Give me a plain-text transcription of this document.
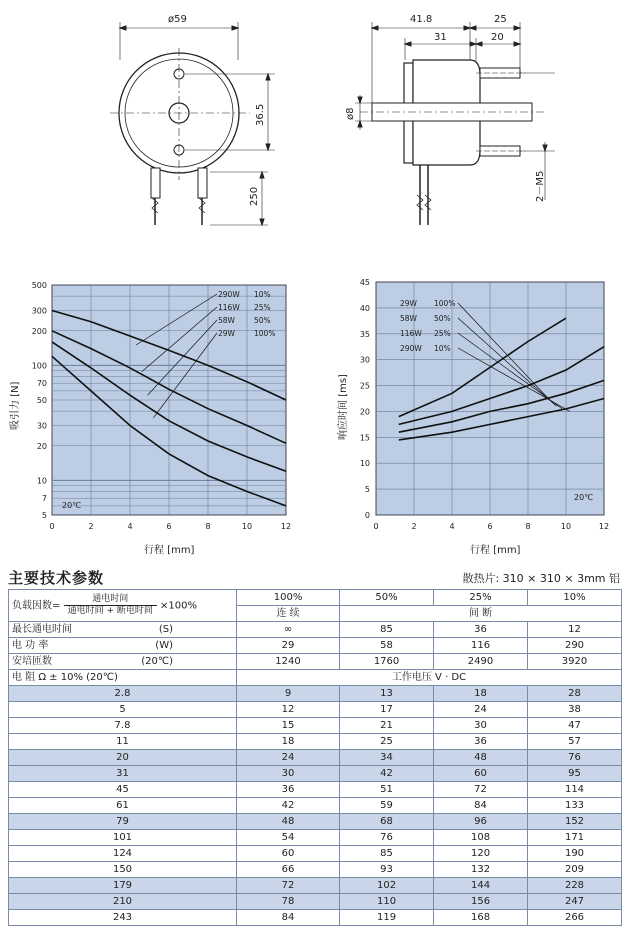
ø59
36.5
250
41.8	25
31	20
ø8
2－M5
500
300
200
100
70
50
30
20
10
7
5
0	2	4	6	8	10	12
290W 10%
116W 25%
58W	50%
29W	100%
20℃
行程 [mm]
吸引力 [N]
45
40
35
30
25
20
15
10
5
0
0	2	4	6	8	10	12
29W 100%
58W 50%
116W 25%
290W 10%
20℃
行程 [mm]
响应时间 [ms]
主要技术参数	散热片: 310 × 310 × 3mm 铝
负载因数= $\frac{\text{通电时间}}{\text{通电时间 + 断电时间}} \times 100\%$	100%	50%	25%	10%
	连 续	间 断		
最长通电时间 (S)	∞	85	36	12
电 功 率 (W)	29	58	116	290
安培匝数 (20℃)	1240	1760	2490	3920
电 阻 Ω ± 10% (20℃)	工作电压 V · DC			
2.8	9	13	18	28
5	12	17	24	38
7.8	15	21	30	47
11	18	25	36	57
20	24	34	48	76
31	30	42	60	95
45	36	51	72	114
61	42	59	84	133
79	48	68	96	152
101	54	76	108	171
124	60	85	120	190
150	66	93	132	209
179	72	102	144	228
210	78	110	156	247
243	84	119	168	266
